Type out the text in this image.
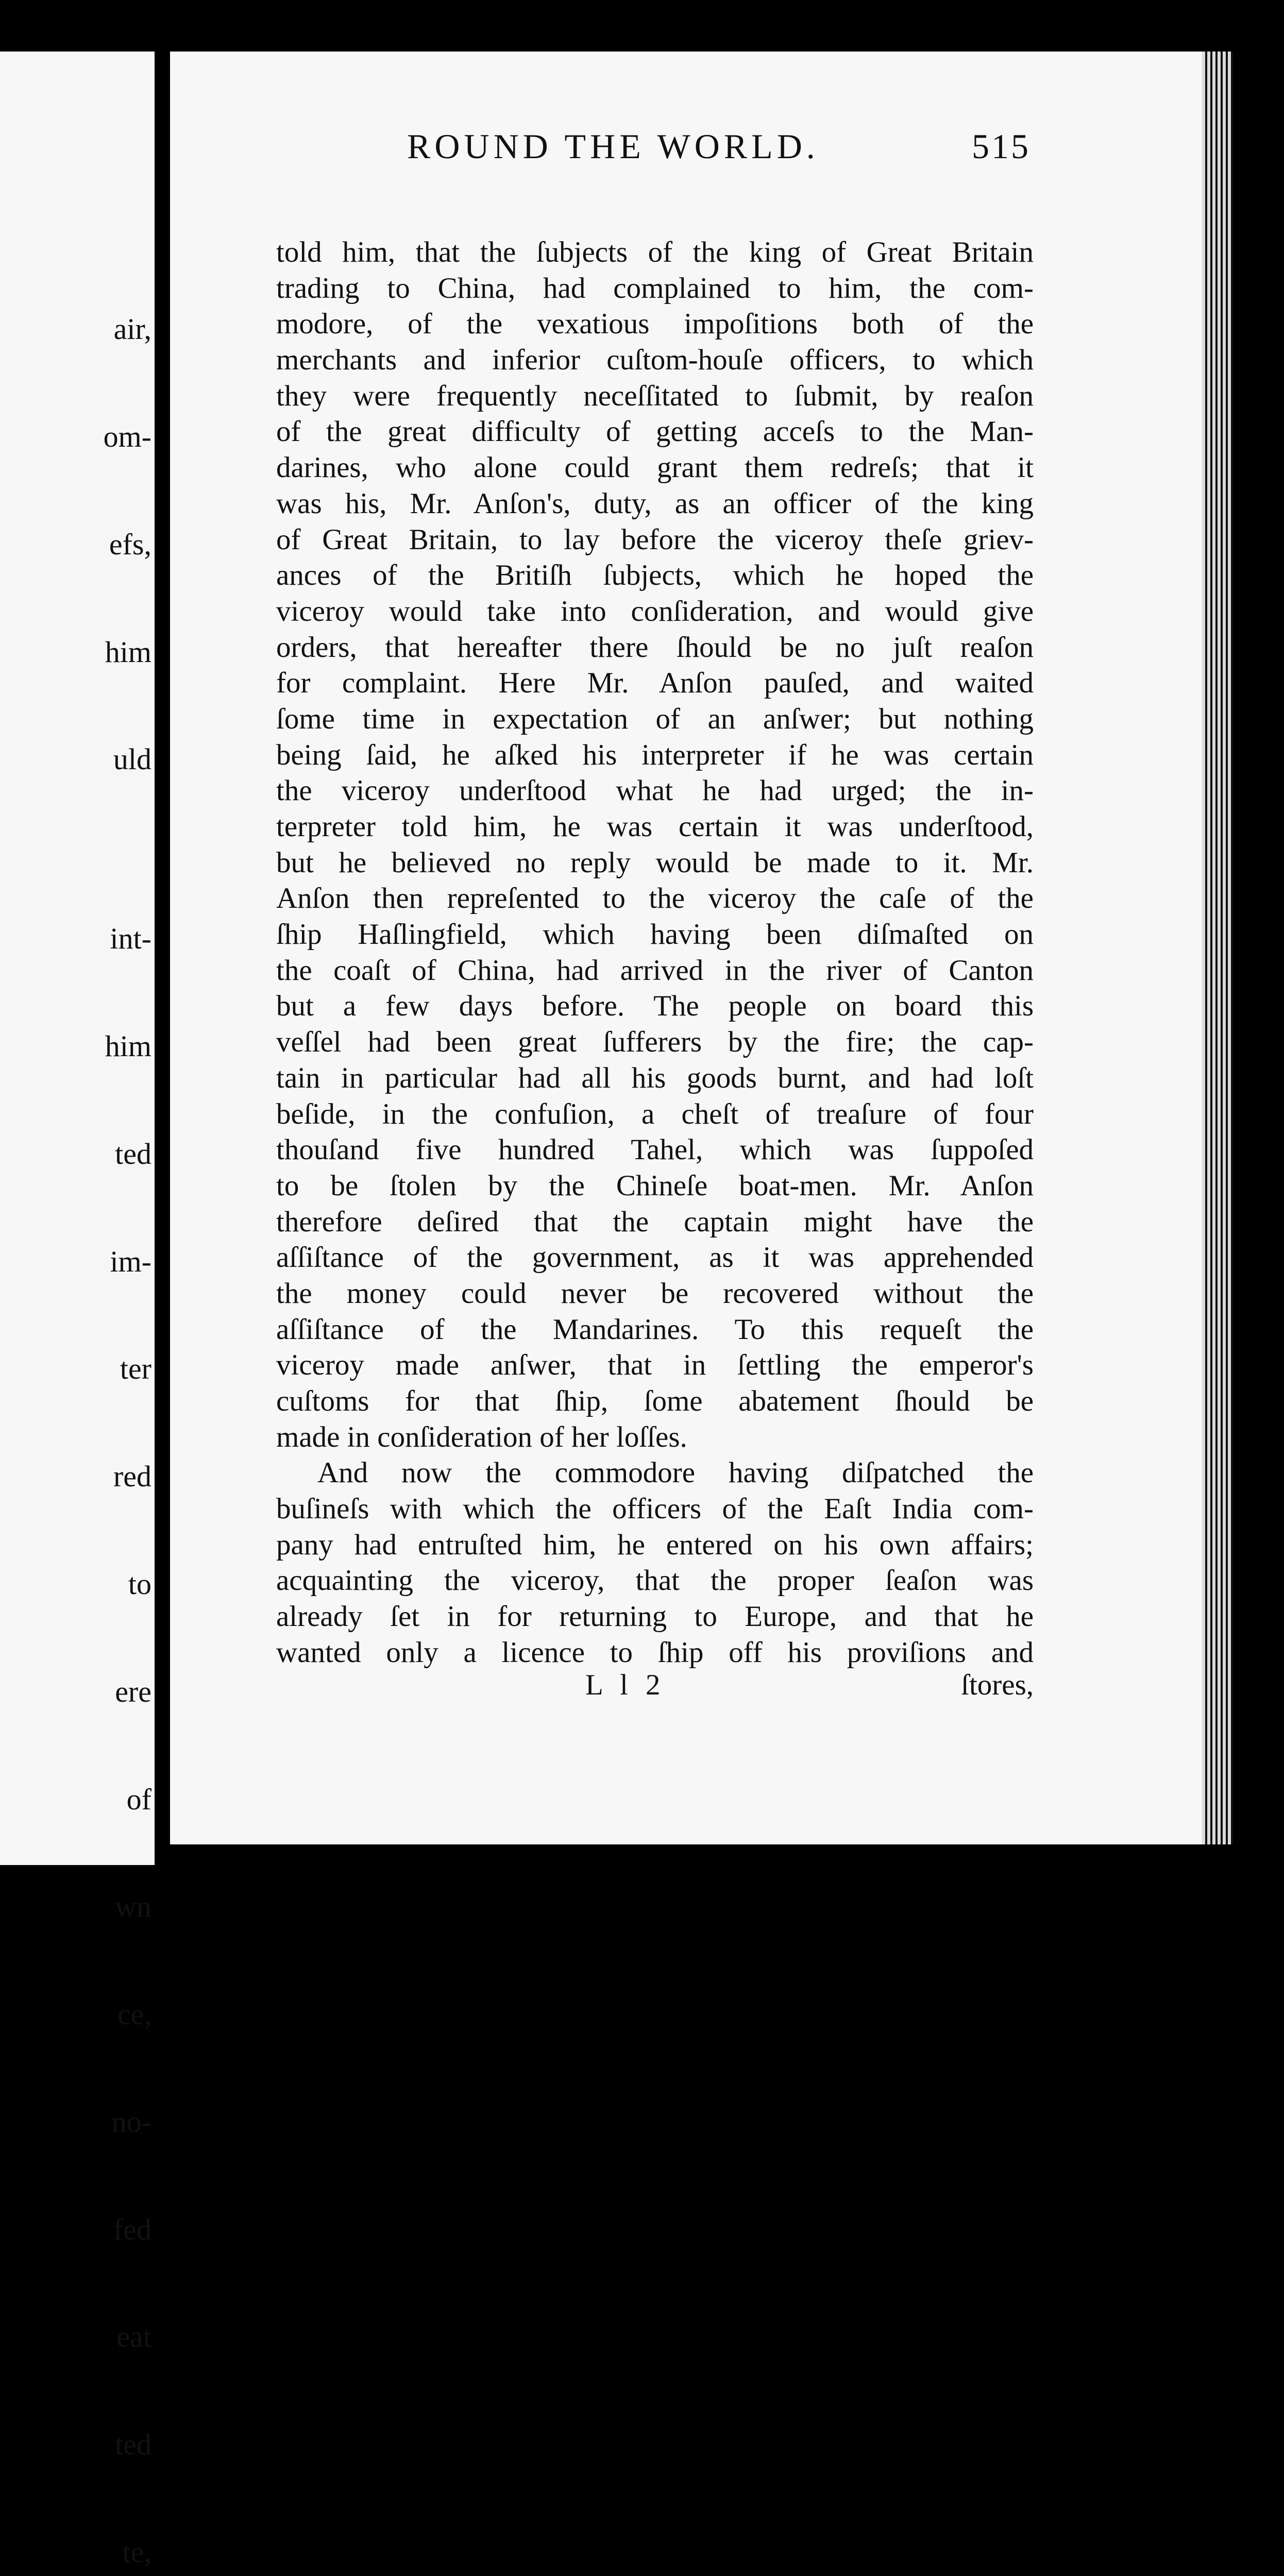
air,

om-

efs,

him

uld

int-

him

ted

im-

ter

red

to

ere

of

wn

ce,

no-

fed

eat

ted

te,

ROUND THE WORLD.	515
told him, that the ſubjects of the king of Great Britain
trading to China, had complained to him, the com-
modore, of the vexatious impoſitions both of the
merchants and inferior cuſtom-houſe officers, to which
they were frequently neceſſitated to ſubmit, by reaſon
of the great difficulty of getting acceſs to the Man-
darines, who alone could grant them redreſs; that it
was his, Mr. Anſon's, duty, as an officer of the king
of Great Britain, to lay before the viceroy theſe griev-
ances of the Britiſh ſubjects, which he hoped the
viceroy would take into conſideration, and would give
orders, that hereafter there ſhould be no juſt reaſon
for complaint. Here Mr. Anſon pauſed, and waited
ſome time in expectation of an anſwer; but nothing
being ſaid, he aſked his interpreter if he was certain
the viceroy underſtood what he had urged; the in-
terpreter told him, he was certain it was underſtood,
but he believed no reply would be made to it. Mr.
Anſon then repreſented to the viceroy the caſe of the
ſhip Haſlingfield, which having been diſmaſted on
the coaſt of China, had arrived in the river of Canton
but a few days before. The people on board this
veſſel had been great ſufferers by the fire; the cap-
tain in particular had all his goods burnt, and had loſt
beſide, in the confuſion, a cheſt of treaſure of four
thouſand five hundred Tahel, which was ſuppoſed
to be ſtolen by the Chineſe boat-men. Mr. Anſon
therefore deſired that the captain might have the
aſſiſtance of the government, as it was apprehended
the money could never be recovered without the
aſſiſtance of the Mandarines. To this requeſt the
viceroy made anſwer, that in ſettling the emperor's
cuſtoms for that ſhip, ſome abatement ſhould be
made in conſideration of her loſſes.
And now the commodore having diſpatched the
buſineſs with which the officers of the Eaſt India com-
pany had entruſted him, he entered on his own affairs;
acquainting the viceroy, that the proper ſeaſon was
already ſet in for returning to Europe, and that he
wanted only a licence to ſhip off his proviſions and
L l 2	ſtores,
